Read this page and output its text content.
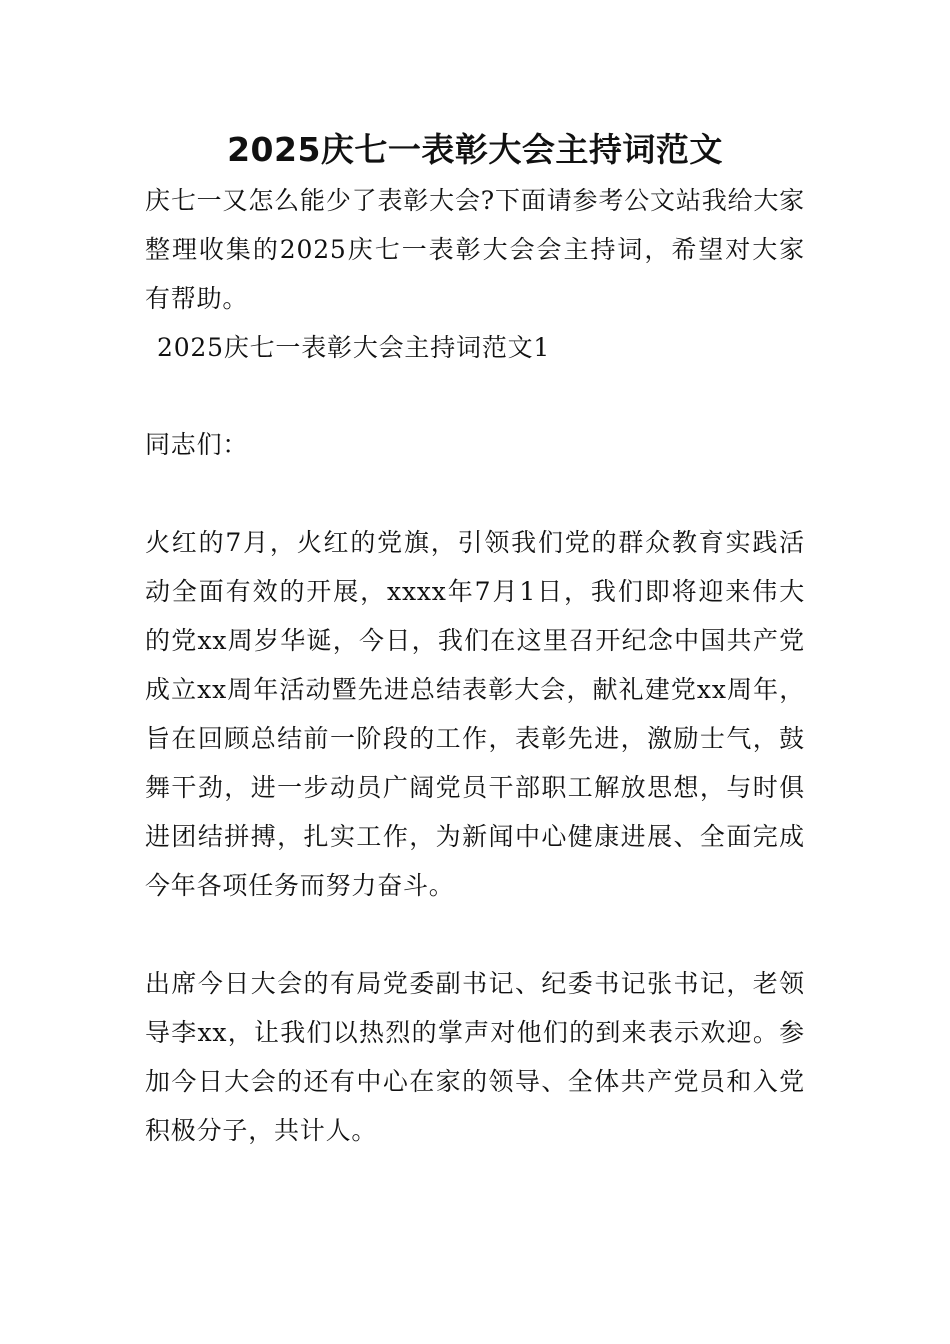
2025庆七一表彰大会主持词范文

庆七一又怎么能少了表彰大会?下面请参考公文站我给大家整理收集的2025庆七一表彰大会会主持词，希望对大家有帮助。

2025庆七一表彰大会主持词范文1

同志们：

火红的7月，火红的党旗，引领我们党的群众教育实践活动全面有效的开展，xxxx年7月1日，我们即将迎来伟大的党xx周岁华诞，今日，我们在这里召开纪念中国共产党成立xx周年活动暨先进总结表彰大会，献礼建党xx周年，旨在回顾总结前一阶段的工作，表彰先进，激励士气，鼓舞干劲，进一步动员广阔党员干部职工解放思想，与时俱进团结拼搏，扎实工作，为新闻中心健康进展、全面完成今年各项任务而努力奋斗。

出席今日大会的有局党委副书记、纪委书记张书记，老领导李xx，让我们以热烈的掌声对他们的到来表示欢迎。参加今日大会的还有中心在家的领导、全体共产党员和入党积极分子，共计人。
